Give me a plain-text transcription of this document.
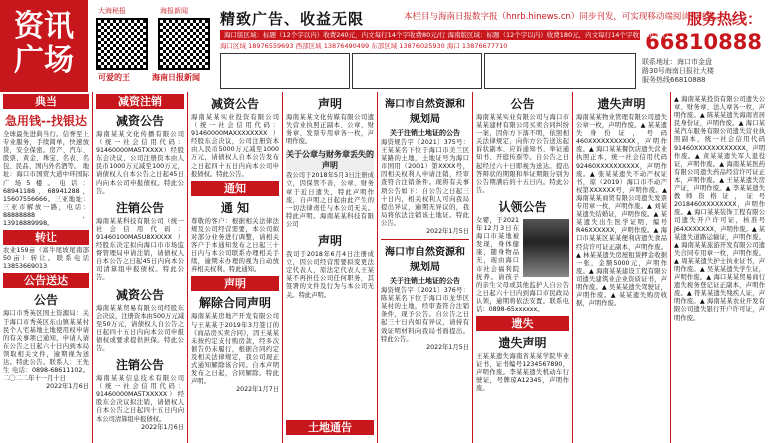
资讯
广场
大海秘报
可爱的王
海报新闻
海南日报新闻
精致广告、收益无限	本栏目与海南日报数字报（hnrb.hinews.cn）同步刊发，可实现移动端阅读和转发。
服务热线：
66810888
海口版区域：标题（12个字以内）收费240元，内文每行14个字收费80元/行 海南版区域：标题（12个字以内）收费180元，内文每行14个字收费60元/行
海口区域 18976559693 西部区域 13876490499 东部区域 13876025930 海口 13876677710
联系地址：海口市金盘
路30号海南日报社大楼
服务热线66810888
典当
急用钱--找银达
全球最先进典当行。信誉至上专业服务，手续简单，快速放贷，安全保密。房产、汽车、股票、黄金、珠宝、名表、名包、民品、国内外名酒等。 地址：海口市国贸大道中环国际广场5楼。电话：68941188，68941288，15607556666。三亚地址：三亚市解放一路，电话：88888888，13918889998。
转让
农业159亩（富牛尾坡尾南部50亩）转让。联系电话 13853669013
公告送达
公告
海口市秀英区国土资源局：关于海口市秀英区东山镇某某村民个人宅基地土地使用权申请的有关事项已通知，申请人请在公告之日起六十日内到本局领取相关文件，逾期视为送达。特此公告。联系人：王先生 电话：0898-68611102。二〇二二年十一月十日
2022年1月6日
减资注销
减资公告
海南某某文化传播有限公司（统一社会信用代码：91460000MA5TXXXX）经股东会决议，公司注册资本由人民币1000万元减至100万元，请债权人自本公告之日起45日内向本公司申报债权。特此公告。
注销公告
海南某某科技有限公司（统一社会信用代码：91460100MA5U8XXXXX）经股东决定拟向海口市市场监督管理局申请注销，请债权人自本公告之日起45日内向本公司清算组申报债权。特此公告。
减资公告
海南某某贸易有限公司经股东会决议，注册资本由500万元减至50万元，请债权人自公告之日起四十五日内向本公司申报债权或要求提供担保。特此公告。
注销公告
海南某某信息技术有限公司（统一社会信用代码：91460000MA5TXXXXX）经股东会决议拟注销，请债权人自本公告之日起四十五日内向本公司清算组申报债权。
2022年1月6日
减资公告
海南某某实业投资有限公司（统一社会信用代码：91460000MAXXXXXXXX）经股东会决议，公司注册资本由人民币5000万元减至1000万元，请债权人自本公告发布之日起四十五日内向本公司申报债权。特此公告。
通知
通 知
尊敬的客户：根据相关法律法规及公司经营需要，本公司拟对部分业务进行调整，请相关客户于本通知发布之日起三十日内与本公司联系办理相关手续，逾期未办理的视为自动放弃相关权利。特此通知。
声明
解除合同声明
海南某某房地产开发有限公司与王某某于2019年3月签订的《商品房买卖合同》，因王某某未按约定支付购房款，经多次催告仍未履行，根据合同约定及相关法律规定，我公司现正式通知解除该合同。自本声明发布之日起，合同解除。特此声明。
2022年1月7日
声明
海南某某文化传媒有限公司遗失营业执照正副本、公章、财务章、发票专用章各一枚，声明作废。
关于公章与财务章丢失的声明
我公司于2018年5月3日注册成立，因保管不善，公章、财务章于近日遗失，特此声明作废，自声明之日起由此产生的一切法律责任与本公司无关。特此声明。海南某某科技有限公司
声明
我司于2018年6月4日注册成立，因公司经营需要拟变更法定代表人，原法定代表人王某某不再担任公司任何职务，其签署的文件及行为与本公司无关。特此声明。
土地通告
海口市自然资源和规划局
关于注销土地证的公告
海资规告字〔2021〕375号：王某某名下位于海口市美兰区某路的土地，土地证号为海口市国用（2001）第XXXX号，因相关权利人申请注销，经审查符合注销条件。现将有关事项公告如下：自公告之日起三十日内，相关权利人可向我局提出异议，逾期无异议的，我局将依法注销该土地证。特此公告。
2022年1月5日
海口市自然资源和规划局
关于注销土地证的公告
海资规告字〔2021〕376号：陈某某名下位于海口市龙华区某村的土地，经审查符合注销条件，现予公告。自公告之日起三十日内如有异议，请持有效证明材料向我局书面提出。特此公告。
2022年1月5日
公告
海南某某实业有限公司与海口市某某建材有限公司买卖合同纠纷一案，因你方下落不明，依照相关法律规定，向你方公告送达起诉状副本、应诉通知书、举证通知书、开庭传票等。自公告之日起经过六十日即视为送达。提出答辩状的期限和举证期限分别为公告期满后的十五日内。特此公告。
认领公告
女婴，于2021年12月3日在海口市某地被发现，身体健康，随身物品无，现由海口市社会福利院抚养。请孩子的亲生父母或其他监护人自公告之日起六十日内到海口市民政局认领，逾期将依法安置。联系电话：0898-65xxxxxx。
遗失
遗失声明
王某某遗失海南省某某学院毕业证书，证书编号1234567890，声明作废。李某某遗失机动车行驶证，号牌琼A12345，声明作废。
遗失声明
海南某某物业管理有限公司遗失公章一枚，声明作废。▲ 某某遗失身份证，号码460XXXXXXXXXXX，声明作废。▲ 海口某某餐饮店遗失营业执照正本，统一社会信用代码92460XXXXXXXXXX，声明作废。▲ 张某某遗失不动产权证书，琼（2019）海口市不动产权第XXXXXX号，声明作废。▲ 海南某某商贸有限公司遗失发票专用章一枚，声明作废。▲ 刘某某遗失结婚证，声明作废。▲ 某某遗失出生医学证明，编号R46XXXXXX，声明作废。▲ 海口市某某区某某便利店遗失食品经营许可证正副本，声明作废。▲ 林某某遗失房屋租赁押金收据一张，金额5000元，声明作废。▲ 海南某某建设工程有限公司遗失建筑业企业资质证书，声明作废。▲ 吴某某遗失驾驶证，声明作废。▲ 某某遗失购房收据，声明作废。
▲ 海南某某投资有限公司遗失公章、财务章、法人章各一枚，声明作废。▲ 陈某某遗失海南省居民身份证，声明作废。▲ 海口某某汽车服务有限公司遗失营业执照副本，统一社会信用代码91460XXXXXXXXXXXX，声明作废。▲ 黄某某遗失军人退役证，声明作废。▲ 海南某某医药有限公司遗失药品经营许可证正本，声明作废。▲ 王某某遗失房产证，声明作废。▲ 李某某遗失教师资格证，证号2018460XXXXXXXX，声明作废。▲ 海口某某装饰工程有限公司遗失开户许可证，核准号J64XXXXXXX，声明作废。▲ 某某遗失道路运输证，声明作废。▲ 海南某某旅游开发有限公司遗失合同专用章一枚，声明作废。▲ 周某某遗失护士执业证书，声明作废。▲ 吴某某遗失学生证，声明作废。▲ 海口某某贸易商行遗失税务登记证正副本，声明作废。▲ 符某某遗失残疾人证，声明作废。▲ 海南某某农业开发有限公司遗失银行开户许可证，声明作废。
